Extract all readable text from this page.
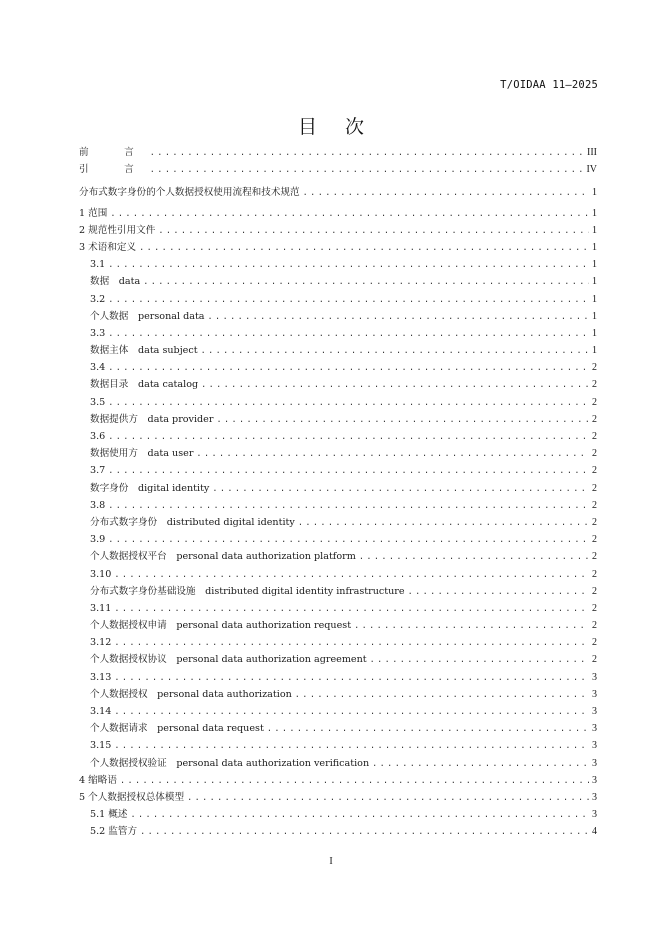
T/OIDAA 11—2025
目次
前　言 .....	III
引　言 .....	IV
分布式数字身份的个人数据授权使用流程和技术规范 .....	1
1 范围 .....	1
2 规范性引用文件 .....	1
3 术语和定义 .....	1
3.1 .....	1
数据　data .....	1
3.2 .....	1
个人数据　personal data .....	1
3.3 .....	1
数据主体　data subject .....	1
3.4 .....	2
数据目录　data catalog .....	2
3.5 .....	2
数据提供方　data provider .....	2
3.6 .....	2
数据使用方　data user .....	2
3.7 .....	2
数字身份　digital identity .....	2
3.8 .....	2
分布式数字身份　distributed digital identity .....	2
3.9 .....	2
个人数据授权平台　personal data authorization platform .....	2
3.10 .....	2
分布式数字身份基础设施　distributed digital identity infrastructure .....	2
3.11 .....	2
个人数据授权申请　personal data authorization request .....	2
3.12 .....	2
个人数据授权协议　personal data authorization agreement .....	2
3.13 .....	3
个人数据授权　personal data authorization .....	3
3.14 .....	3
个人数据请求　personal data request .....	3
3.15 .....	3
个人数据授权验证　personal data authorization verification .....	3
4 缩略语 .....	3
5 个人数据授权总体模型 .....	3
5.1 概述 .....	3
5.2 监管方 .....	4
I
